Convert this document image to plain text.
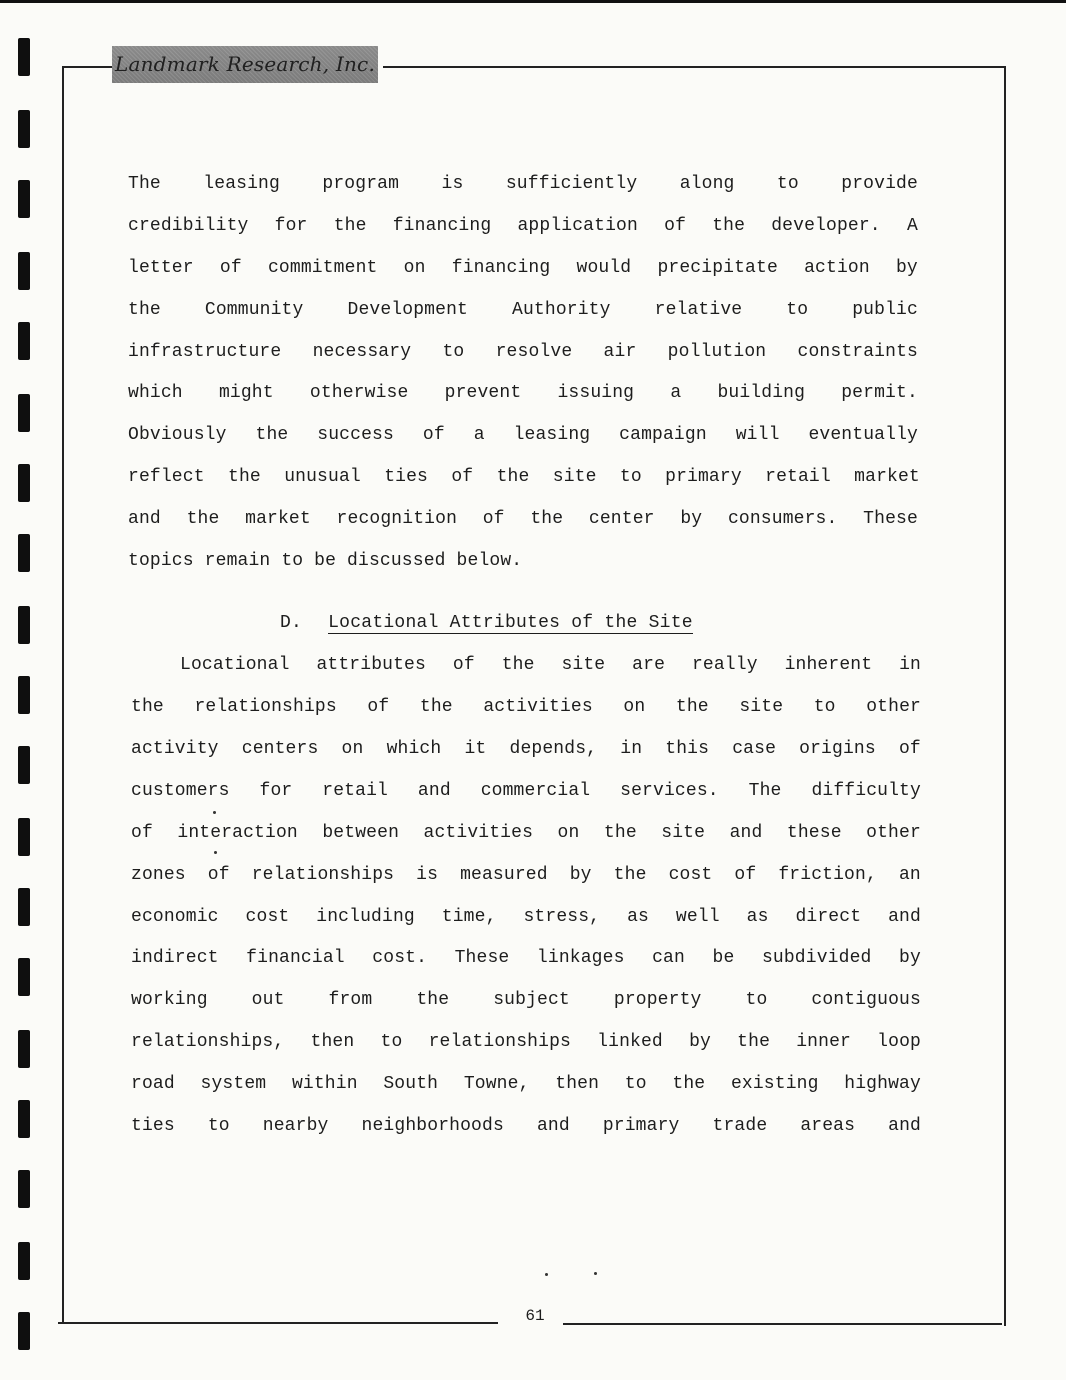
Landmark Research, Inc.
The leasing program is sufficiently along to provide
credibility for the financing application of the developer. A
letter of commitment on financing would precipitate action by
the Community Development Authority relative to public
infrastructure necessary to resolve air pollution constraints
which might otherwise prevent issuing a building permit.
Obviously the success of a leasing campaign will eventually
reflect the unusual ties of the site to primary retail market
and the market recognition of the center by consumers. These
topics remain to be discussed below.
D. Locational Attributes of the Site
Locational attributes of the site are really inherent in
the relationships of the activities on the site to other
activity centers on which it depends, in this case origins of
customers for retail and commercial services. The difficulty
of interaction between activities on the site and these other
zones of relationships is measured by the cost of friction, an
economic cost including time, stress, as well as direct and
indirect financial cost. These linkages can be subdivided by
working out from the subject property to contiguous
relationships, then to relationships linked by the inner loop
road system within South Towne, then to the existing highway
ties to nearby neighborhoods and primary trade areas and
61
